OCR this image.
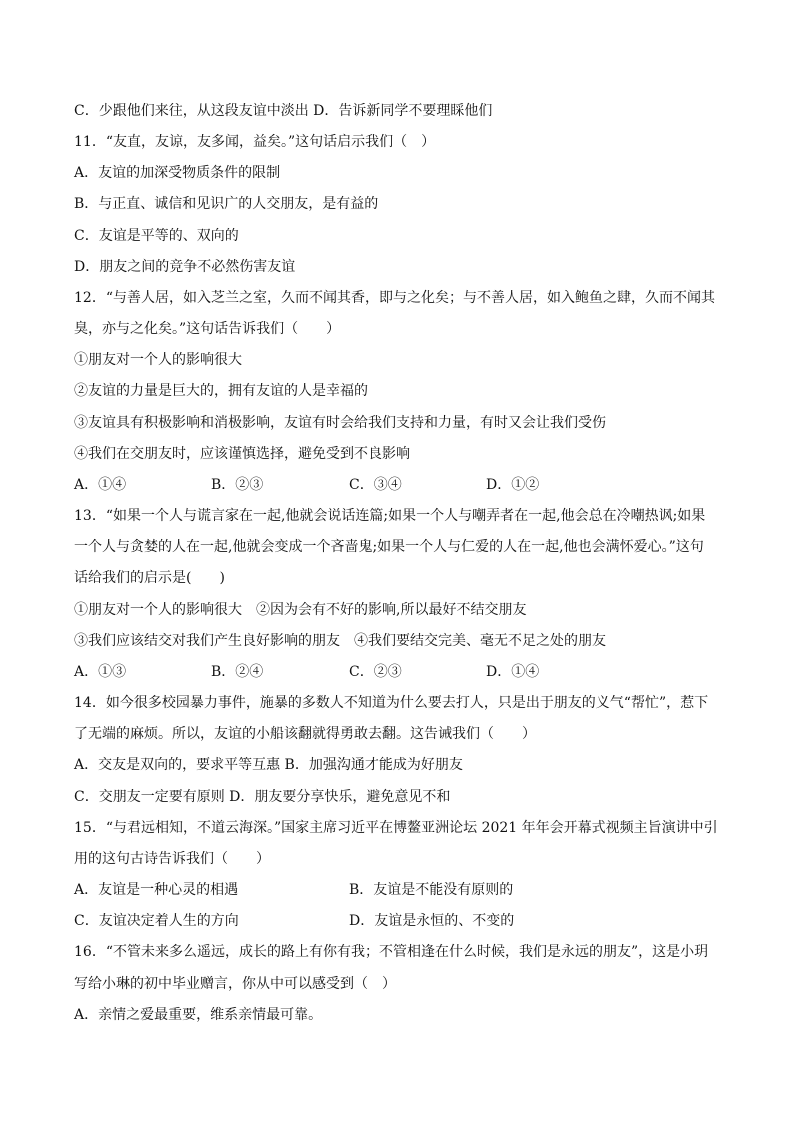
C．少跟他们来往，从这段友谊中淡出 D．告诉新同学不要理睬他们
11．“友直，友谅，友多闻，益矣。”这句话启示我们（　）
A．友谊的加深受物质条件的限制
B．与正直、诚信和见识广的人交朋友，是有益的
C．友谊是平等的、双向的
D．朋友之间的竞争不必然伤害友谊
12．“与善人居，如入芝兰之室，久而不闻其香，即与之化矣；与不善人居，如入鲍鱼之肆，久而不闻其
臭，亦与之化矣。”这句话告诉我们（　　）
①朋友对一个人的影响很大
②友谊的力量是巨大的，拥有友谊的人是幸福的
③友谊具有积极影响和消极影响，友谊有时会给我们支持和力量，有时又会让我们受伤
④我们在交朋友时，应该谨慎选择，避免受到不良影响
A．①④	B．②③	C．③④	D．①②
13．“如果一个人与谎言家在一起,他就会说话连篇;如果一个人与嘲弄者在一起,他会总在冷嘲热讽;如果
一个人与贪婪的人在一起,他就会变成一个吝啬鬼;如果一个人与仁爱的人在一起,他也会满怀爱心。”这句
话给我们的启示是(　　)
①朋友对一个人的影响很大　②因为会有不好的影响,所以最好不结交朋友
③我们应该结交对我们产生良好影响的朋友　④我们要结交完美、毫无不足之处的朋友
A．①③	B．②④	C．②③	D．①④
14．如今很多校园暴力事件，施暴的多数人不知道为什么要去打人，只是出于朋友的义气“帮忙”，惹下
了无端的麻烦。所以，友谊的小船该翻就得勇敢去翻。这告诫我们（　　）
A．交友是双向的，要求平等互惠 B．加强沟通才能成为好朋友
C．交朋友一定要有原则 D．朋友要分享快乐，避免意见不和
15．“与君远相知，不道云海深。”国家主席习近平在博鳌亚洲论坛 2021 年年会开幕式视频主旨演讲中引
用的这句古诗告诉我们（　　）
A．友谊是一种心灵的相遇	B．友谊是不能没有原则的
C．友谊决定着人生的方向	D．友谊是永恒的、不变的
16．“不管未来多么遥远，成长的路上有你有我；不管相逢在什么时候，我们是永远的朋友”，这是小玥
写给小琳的初中毕业赠言，你从中可以感受到（　）
A．亲情之爱最重要，维系亲情最可靠。
